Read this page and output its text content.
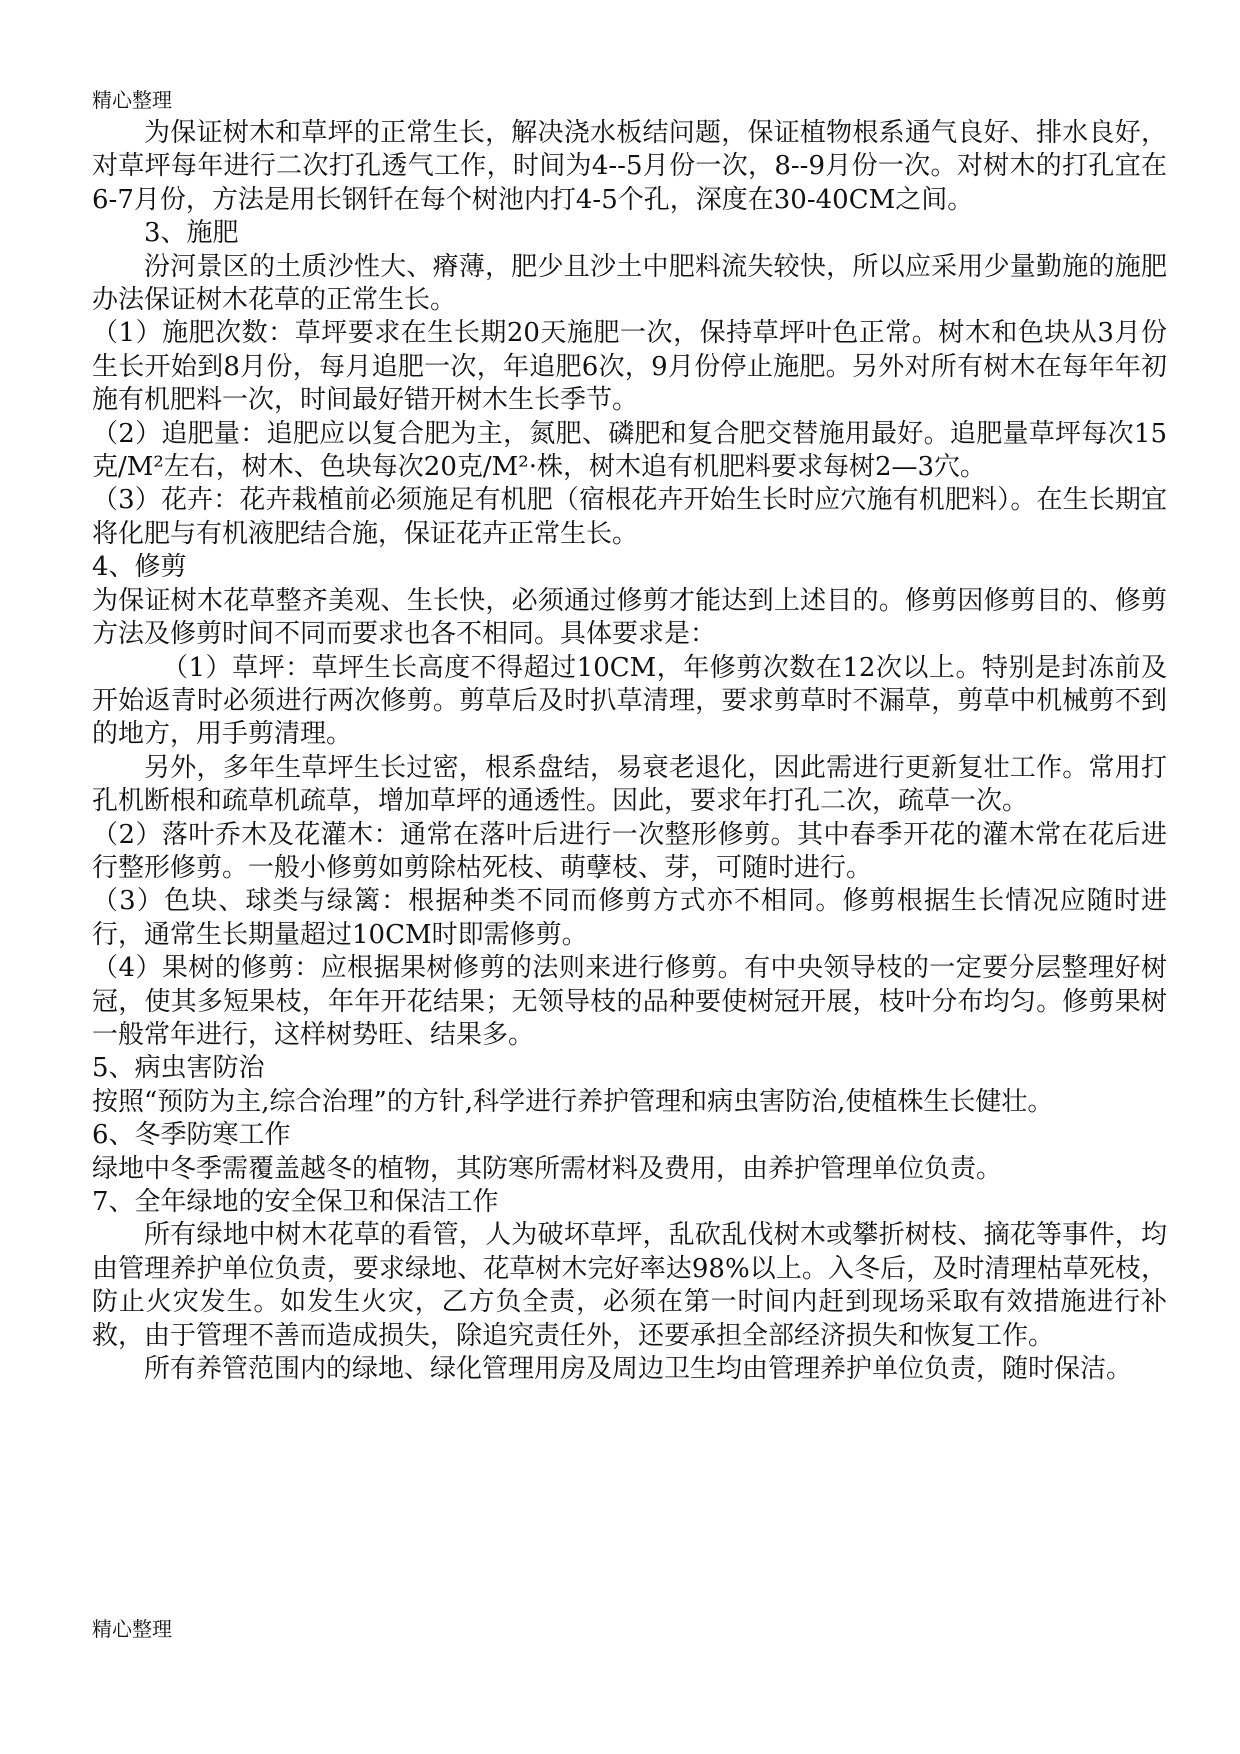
精心整理

为保证树木和草坪的正常生长，解决浇水板结问题，保证植物根系通气良好、排水良好，对草坪每年进行二次打孔透气工作，时间为4--5月份一次，8--9月份一次。对树木的打孔宜在6-7月份，方法是用长钢钎在每个树池内打4-5个孔，深度在30-40CM之间。

3、施肥

汾河景区的土质沙性大、瘠薄，肥少且沙土中肥料流失较快，所以应采用少量勤施的施肥办法保证树木花草的正常生长。

（1）施肥次数：草坪要求在生长期20天施肥一次，保持草坪叶色正常。树木和色块从3月份生长开始到8月份，每月追肥一次，年追肥6次，9月份停止施肥。另外对所有树木在每年年初施有机肥料一次，时间最好错开树木生长季节。

（2）追肥量：追肥应以复合肥为主，氮肥、磷肥和复合肥交替施用最好。追肥量草坪每次15克/M²左右，树木、色块每次20克/M²·株，树木追有机肥料要求每树2—3穴。

（3）花卉：花卉栽植前必须施足有机肥（宿根花卉开始生长时应穴施有机肥料）。在生长期宜将化肥与有机液肥结合施，保证花卉正常生长。

4、修剪

为保证树木花草整齐美观、生长快，必须通过修剪才能达到上述目的。修剪因修剪目的、修剪方法及修剪时间不同而要求也各不相同。具体要求是：

（1）草坪：草坪生长高度不得超过10CM，年修剪次数在12次以上。特别是封冻前及开始返青时必须进行两次修剪。剪草后及时扒草清理，要求剪草时不漏草，剪草中机械剪不到的地方，用手剪清理。

另外，多年生草坪生长过密，根系盘结，易衰老退化，因此需进行更新复壮工作。常用打孔机断根和疏草机疏草，增加草坪的通透性。因此，要求年打孔二次，疏草一次。

（2）落叶乔木及花灌木：通常在落叶后进行一次整形修剪。其中春季开花的灌木常在花后进行整形修剪。一般小修剪如剪除枯死枝、萌孽枝、芽，可随时进行。

（3）色块、球类与绿篱：根据种类不同而修剪方式亦不相同。修剪根据生长情况应随时进行，通常生长期量超过10CM时即需修剪。

（4）果树的修剪：应根据果树修剪的法则来进行修剪。有中央领导枝的一定要分层整理好树冠，使其多短果枝，年年开花结果；无领导枝的品种要使树冠开展，枝叶分布均匀。修剪果树一般常年进行，这样树势旺、结果多。

5、病虫害防治

按照“预防为主,综合治理”的方针,科学进行养护管理和病虫害防治,使植株生长健壮。

6、冬季防寒工作

绿地中冬季需覆盖越冬的植物，其防寒所需材料及费用，由养护管理单位负责。

7、全年绿地的安全保卫和保洁工作

所有绿地中树木花草的看管，人为破坏草坪，乱砍乱伐树木或攀折树枝、摘花等事件，均由管理养护单位负责，要求绿地、花草树木完好率达98%以上。入冬后，及时清理枯草死枝，防止火灾发生。如发生火灾，乙方负全责，必须在第一时间内赶到现场采取有效措施进行补救，由于管理不善而造成损失，除追究责任外，还要承担全部经济损失和恢复工作。

所有养管范围内的绿地、绿化管理用房及周边卫生均由管理养护单位负责，随时保洁。

精心整理
